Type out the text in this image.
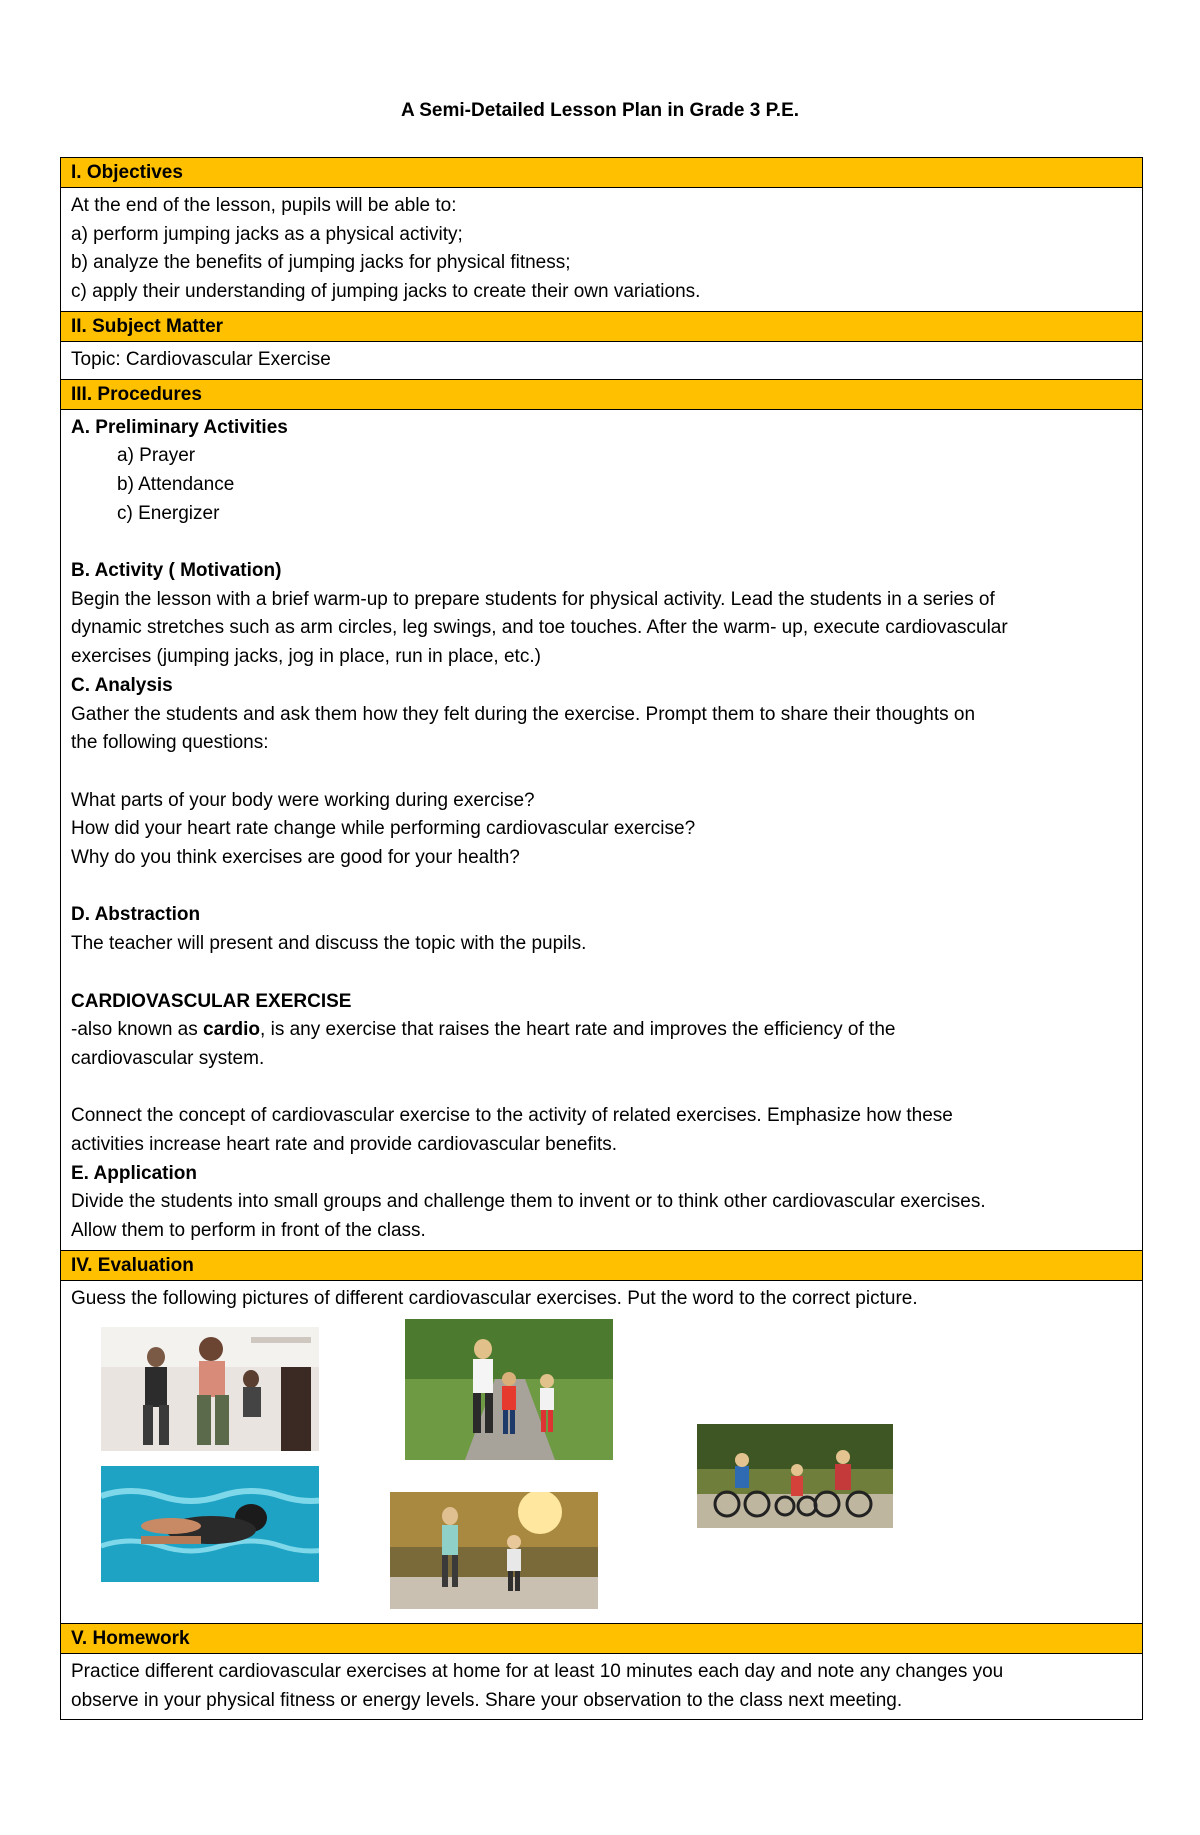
A Semi-Detailed Lesson Plan in Grade 3 P.E.
I. Objectives
At the end of the lesson, pupils will be able to:
a) perform jumping jacks as a physical activity;
b) analyze the benefits of jumping jacks for physical fitness;
c) apply their understanding of jumping jacks to create their own variations.
II. Subject Matter
Topic: Cardiovascular Exercise
III. Procedures
A. Preliminary Activities
a) Prayer
b) Attendance
c) Energizer
B. Activity ( Motivation)
Begin the lesson with a brief warm-up to prepare students for physical activity. Lead the students in a series of
dynamic stretches such as arm circles, leg swings, and toe touches. After the warm- up, execute cardiovascular
exercises (jumping jacks, jog in place, run in place, etc.)
C. Analysis
Gather the students and ask them how they felt during the exercise. Prompt them to share their thoughts on
the following questions:
What parts of your body were working during exercise?
How did your heart rate change while performing cardiovascular exercise?
Why do you think exercises are good for your health?
D. Abstraction
The teacher will present and discuss the topic with the pupils.
CARDIOVASCULAR EXERCISE
-also known as cardio, is any exercise that raises the heart rate and improves the efficiency of the
cardiovascular system.
Connect the concept of cardiovascular exercise to the activity of related exercises. Emphasize how these
activities increase heart rate and provide cardiovascular benefits.
E. Application
Divide the students into small groups and challenge them to invent or to think other cardiovascular exercises.
Allow them to perform in front of the class.
IV. Evaluation
Guess the following pictures of different cardiovascular exercises. Put the word to the correct picture.
V. Homework
Practice different cardiovascular exercises at home for at least 10 minutes each day and note any changes you
observe in your physical fitness or energy levels. Share your observation to the class next meeting.
